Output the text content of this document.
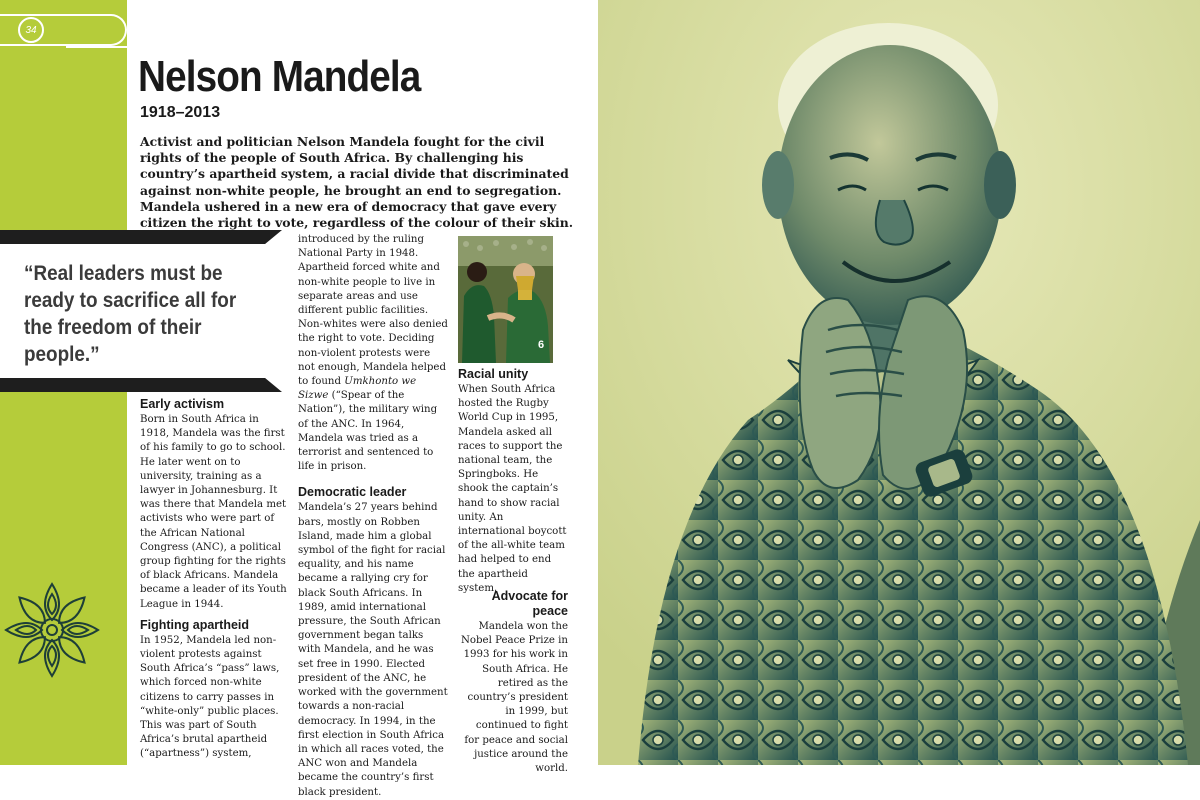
34
Nelson Mandela
1918–2013

Activist and politician Nelson Mandela fought for the civil rights of the people of South Africa. By challenging his country’s apartheid system, a racial divide that discriminated against non-white people, he brought an end to segregation. Mandela ushered in a new era of democracy that gave every citizen the right to vote, regardless of the colour of their skin.

“Real leaders must be ready to sacrifice all for the freedom of their people.”
Early activism

Born in South Africa in 1918, Mandela was the first of his family to go to school. He later went on to university, training as a lawyer in Johannesburg. It was there that Mandela met activists who were part of the African National Congress (ANC), a political group fighting for the rights of black Africans. Mandela became a leader of its Youth League in 1944.

Fighting apartheid

In 1952, Mandela led non-violent protests against South Africa’s “pass” laws, which forced non-white citizens to carry passes in “white-only” public places. This was part of South Africa’s brutal apartheid (“apartness”) system,

introduced by the ruling National Party in 1948. Apartheid forced white and non-white people to live in separate areas and use different public facilities. Non-whites were also denied the right to vote. Deciding non-violent protests were not enough, Mandela helped to found Umkhonto we Sizwe (“Spear of the Nation”), the military wing of the ANC. In 1964, Mandela was tried as a terrorist and sentenced to life in prison.

Democratic leader

Mandela’s 27 years behind bars, mostly on Robben Island, made him a global symbol of the fight for racial equality, and his name became a rallying cry for black South Africans. In 1989, amid international pressure, the South African government began talks with Mandela, and he was set free in 1990. Elected president of the ANC, he worked with the government towards a non-racial democracy. In 1994, in the first election in South Africa in which all races voted, the ANC won and Mandela became the country’s first black president.

6
Racial unity

When South Africa hosted the Rugby World Cup in 1995, Mandela asked all races to support the national team, the Springboks. He shook the captain’s hand to show racial unity. An international boycott of the all-white team had helped to end the apartheid system.

Advocate for peace

Mandela won the Nobel Peace Prize in 1993 for his work in South Africa. He retired as the country’s president in 1999, but continued to fight for peace and social justice around the world.
